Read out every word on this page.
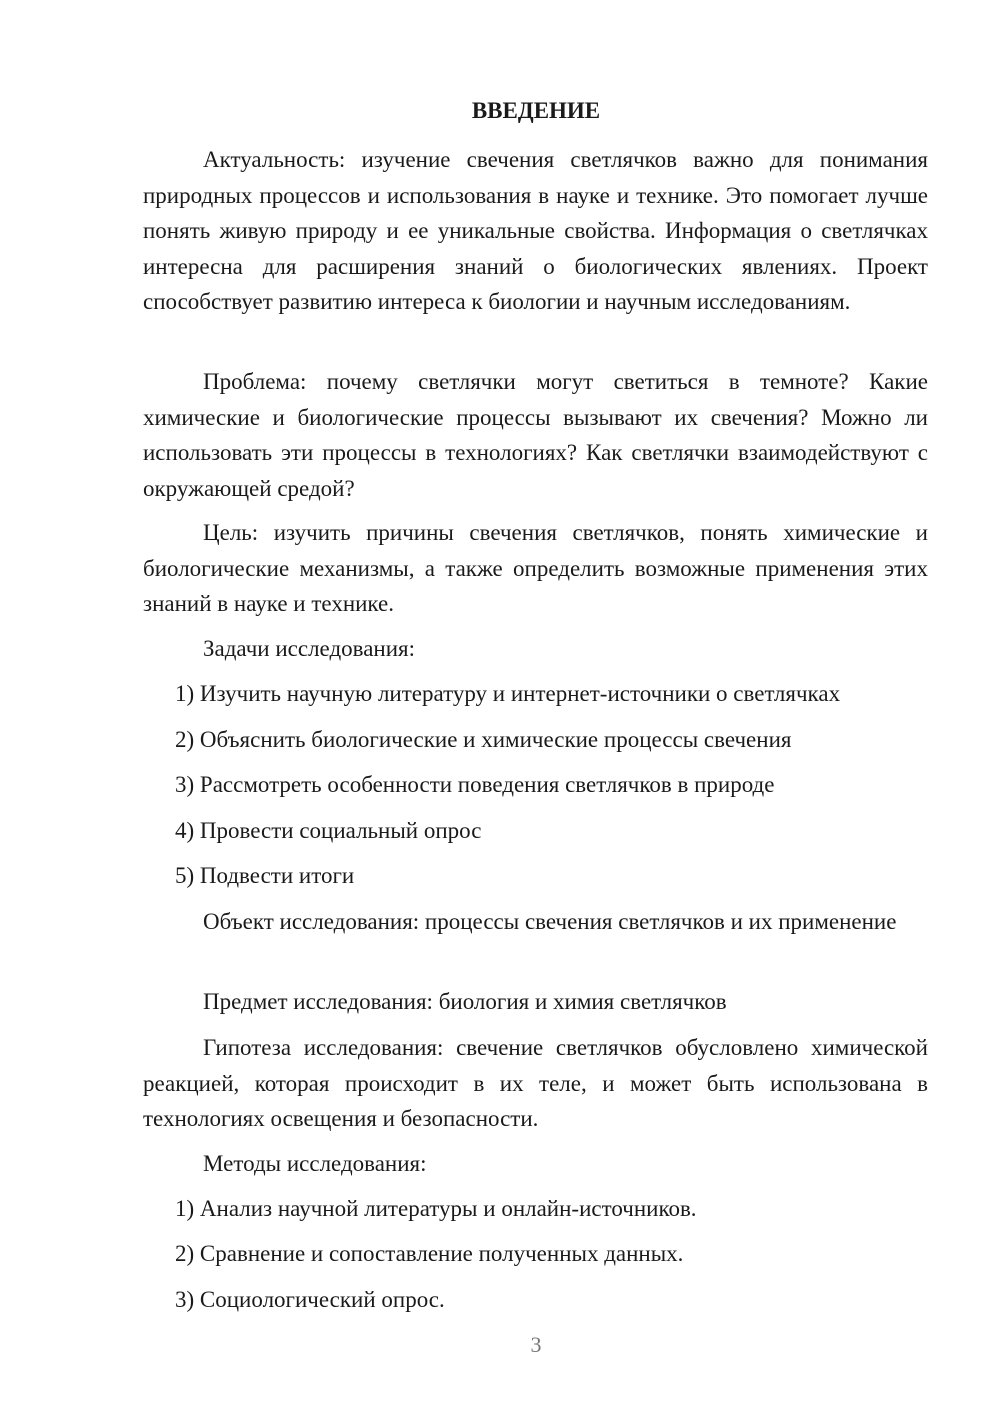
ВВЕДЕНИЕ

Актуальность: изучение свечения светлячков важно для понимания природных процессов и использования в науке и технике. Это помогает лучше понять живую природу и ее уникальные свойства. Информация о светлячках интересна для расширения знаний о биологических явлениях. Проект способствует развитию интереса к биологии и научным исследованиям.

Проблема: почему светлячки могут светиться в темноте? Какие химические и биологические процессы вызывают их свечения? Можно ли использовать эти процессы в технологиях? Как светлячки взаимодействуют с окружающей средой?

Цель: изучить причины свечения светлячков, понять химические и биологические механизмы, а также определить возможные применения этих знаний в науке и технике.

Задачи исследования:

1) Изучить научную литературу и интернет-источники о светлячках

2) Объяснить биологические и химические процессы свечения

3) Рассмотреть особенности поведения светлячков в природе

4) Провести социальный опрос

5) Подвести итоги

Объект исследования: процессы свечения светлячков и их применение

Предмет исследования: биология и химия светлячков

Гипотеза исследования: свечение светлячков обусловлено химической реакцией, которая происходит в их теле, и может быть использована в технологиях освещения и безопасности.

Методы исследования:

1) Анализ научной литературы и онлайн-источников.

2) Сравнение и сопоставление полученных данных.

3) Социологический опрос.

3
